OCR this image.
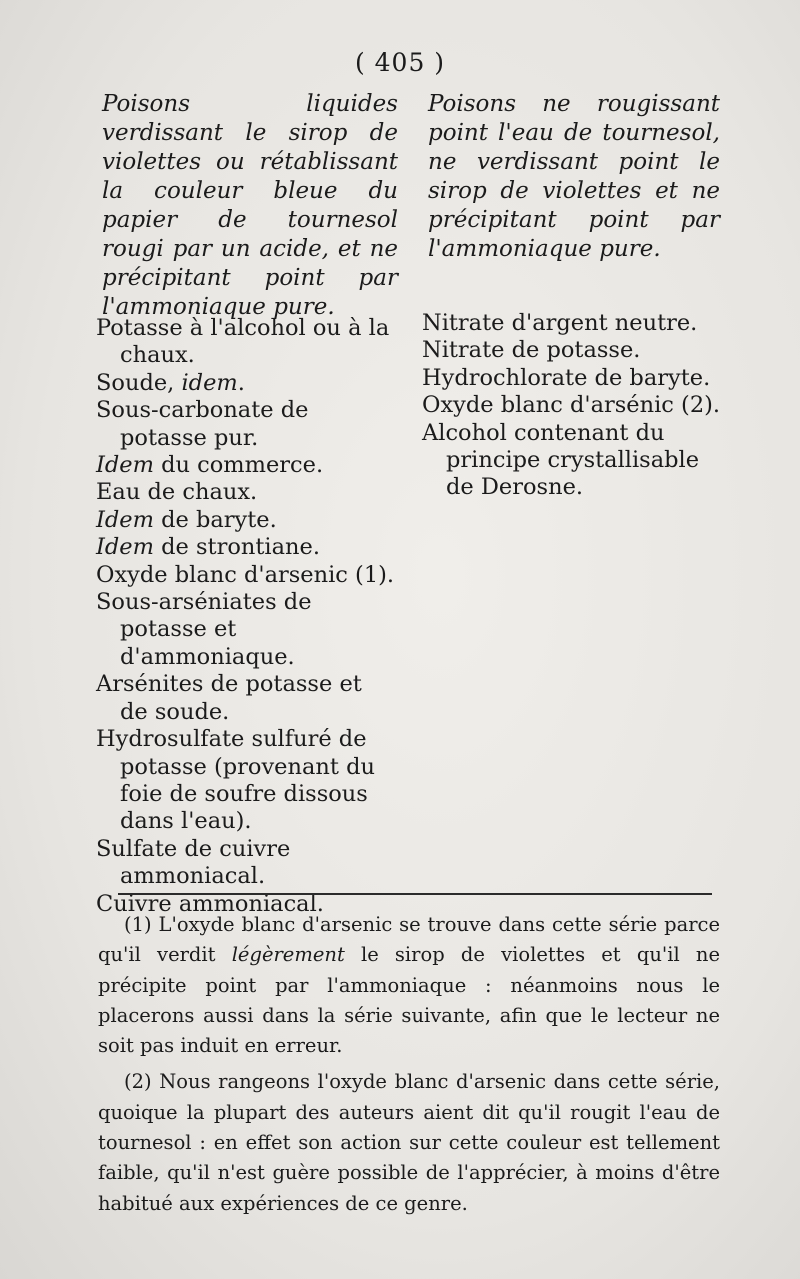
( 405 )

Poisons liquides verdissant le sirop de violettes ou rétablissant la couleur bleue du papier de tournesol rougi par un acide, et ne précipitant point par l'ammoniaque pure.

Poisons ne rougissant point l'eau de tournesol, ne verdissant point le sirop de violettes et ne précipitant point par l'ammoniaque pure.

Potasse à l'alcohol ou à la chaux.
Soude, idem.
Sous-carbonate de potasse pur.
Idem du commerce.
Eau de chaux.
Idem de baryte.
Idem de strontiane.
Oxyde blanc d'arsenic (1).
Sous-arséniates de potasse et d'ammoniaque.
Arsénites de potasse et de soude.
Hydrosulfate sulfuré de potasse (provenant du foie de soufre dissous dans l'eau).
Sulfate de cuivre ammoniacal.
Cuivre ammoniacal.
Nitrate d'argent neutre.
Nitrate de potasse.
Hydrochlorate de baryte.
Oxyde blanc d'arsénic (2).
Alcohol contenant du principe crystallisable de Derosne.

(1) L'oxyde blanc d'arsenic se trouve dans cette série parce qu'il verdit légèrement le sirop de violettes et qu'il ne précipite point par l'ammoniaque : néanmoins nous le placerons aussi dans la série suivante, afin que le lecteur ne soit pas induit en erreur.

(2) Nous rangeons l'oxyde blanc d'arsenic dans cette série, quoique la plupart des auteurs aient dit qu'il rougit l'eau de tournesol : en effet son action sur cette couleur est tellement faible, qu'il n'est guère possible de l'apprécier, à moins d'être habitué aux expériences de ce genre.
